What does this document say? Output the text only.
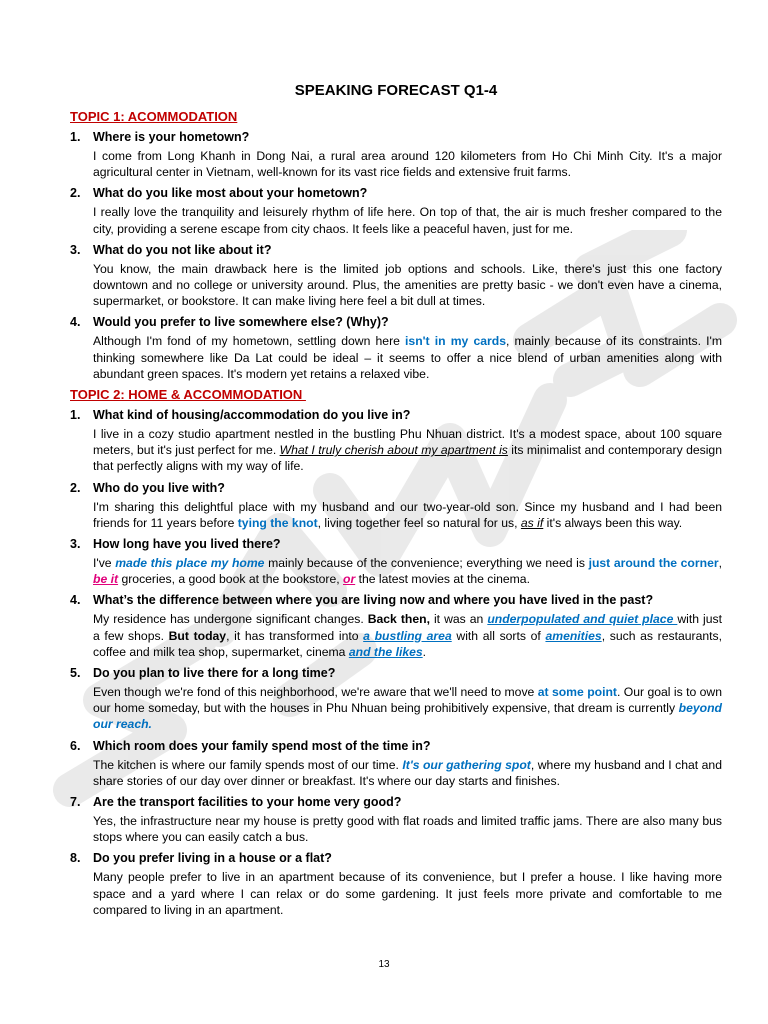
SPEAKING FORECAST Q1-4
TOPIC 1: ACOMMODATION
1.	Where is your hometown?
I come from Long Khanh in Dong Nai, a rural area around 120 kilometers from Ho Chi Minh City. It's a major agricultural center in Vietnam, well-known for its vast rice fields and extensive fruit farms.
2.	What do you like most about your hometown?
I really love the tranquility and leisurely rhythm of life here. On top of that, the air is much fresher compared to the city, providing a serene escape from city chaos. It feels like a peaceful haven, just for me.
3.	What do you not like about it?
You know, the main drawback here is the limited job options and schools. Like, there's just this one factory downtown and no college or university around. Plus, the amenities are pretty basic - we don't even have a cinema, supermarket, or bookstore. It can make living here feel a bit dull at times.
4.	Would you prefer to live somewhere else? (Why)?
Although I'm fond of my hometown, settling down here isn't in my cards, mainly because of its constraints. I'm thinking somewhere like Da Lat could be ideal – it seems to offer a nice blend of urban amenities along with abundant green spaces. It's modern yet retains a relaxed vibe.
TOPIC 2: HOME & ACCOMMODATION
1.	What kind of housing/accommodation do you live in?
I live in a cozy studio apartment nestled in the bustling Phu Nhuan district. It's a modest space, about 100 square meters, but it's just perfect for me. What I truly cherish about my apartment is its minimalist and contemporary design that perfectly aligns with my way of life.
2.	Who do you live with?
I'm sharing this delightful place with my husband and our two-year-old son. Since my husband and I had been friends for 11 years before tying the knot, living together feel so natural for us, as if it's always been this way.
3.	How long have you lived there?
I've made this place my home mainly because of the convenience; everything we need is just around the corner, be it groceries, a good book at the bookstore, or the latest movies at the cinema.
4.	What’s the difference between where you are living now and where you have lived in the past?
My residence has undergone significant changes. Back then, it was an underpopulated and quiet place with just a few shops. But today, it has transformed into a bustling area with all sorts of amenities, such as restaurants, coffee and milk tea shop, supermarket, cinema and the likes.
5.	Do you plan to live there for a long time?
Even though we're fond of this neighborhood, we're aware that we'll need to move at some point. Our goal is to own our home someday, but with the houses in Phu Nhuan being prohibitively expensive, that dream is currently beyond our reach.
6.	Which room does your family spend most of the time in?
The kitchen is where our family spends most of our time. It's our gathering spot, where my husband and I chat and share stories of our day over dinner or breakfast. It's where our day starts and finishes.
7.	Are the transport facilities to your home very good?
Yes, the infrastructure near my house is pretty good with flat roads and limited traffic jams. There are also many bus stops where you can easily catch a bus.
8.	Do you prefer living in a house or a flat?
Many people prefer to live in an apartment because of its convenience, but I prefer a house. I like having more space and a yard where I can relax or do some gardening. It just feels more private and comfortable to me compared to living in an apartment.
13
